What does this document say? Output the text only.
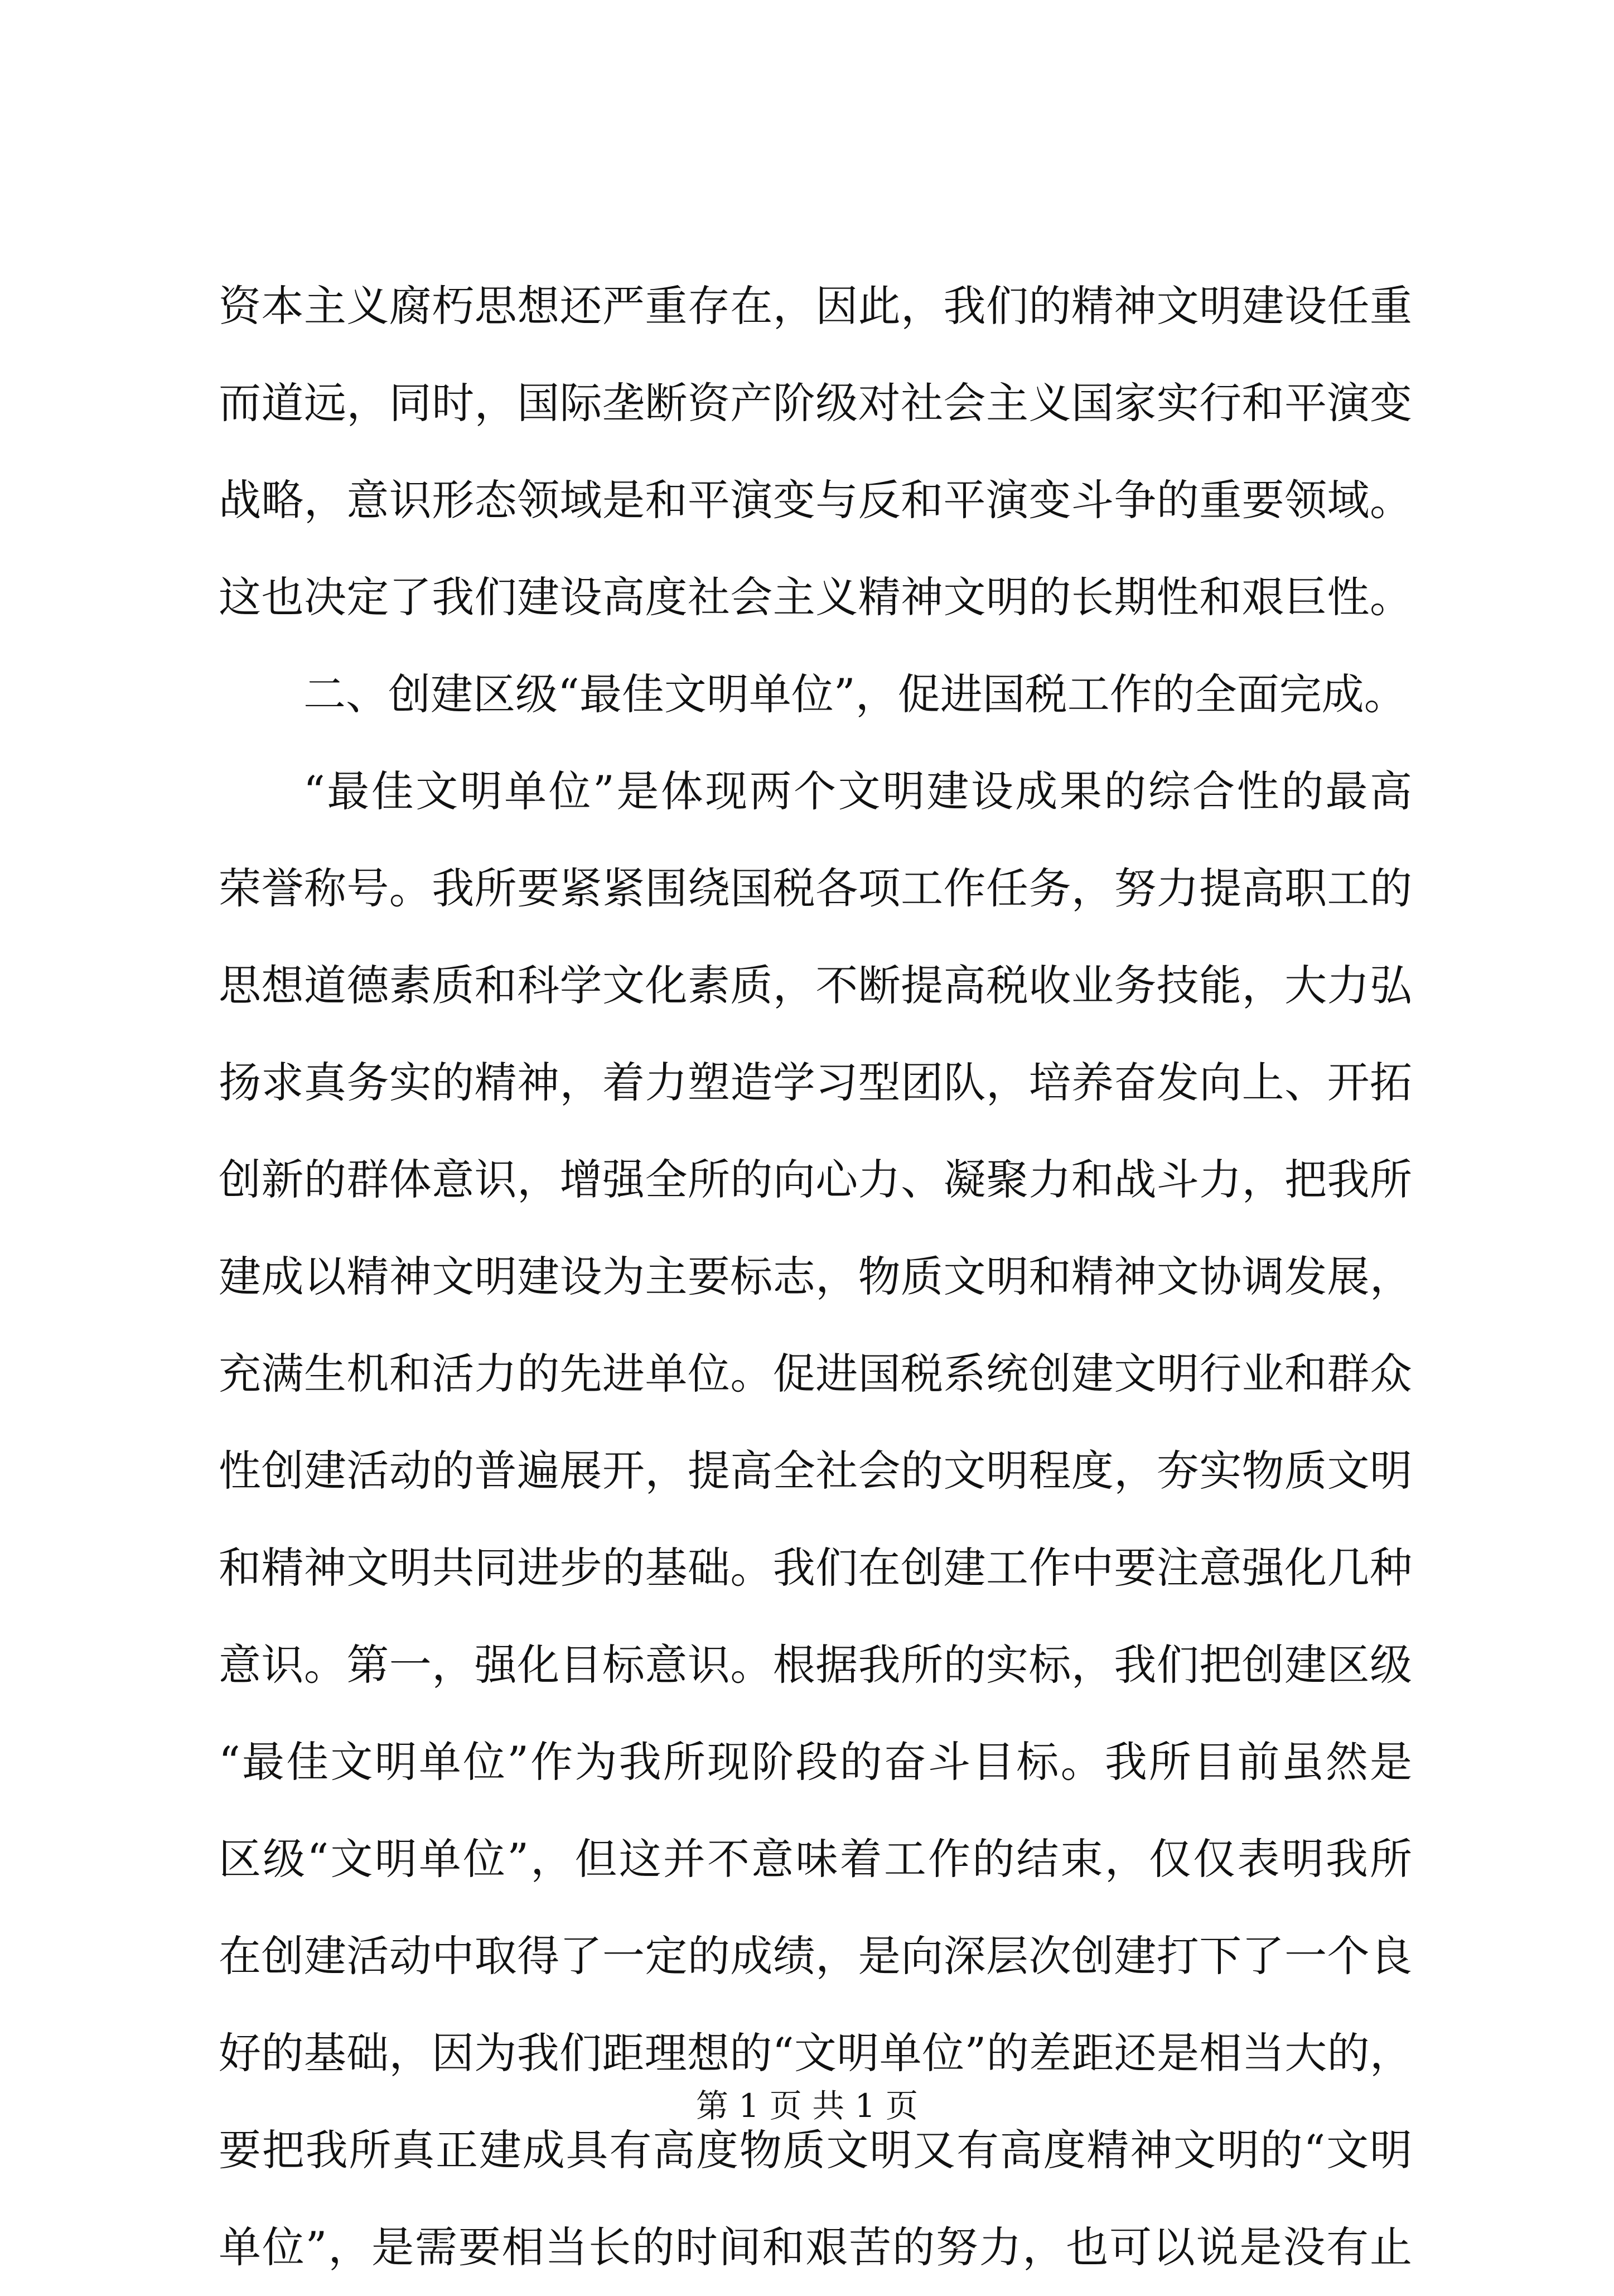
资本主义腐朽思想还严重存在，因此，我们的精神文明建设任重
而道远，同时，国际垄断资产阶级对社会主义国家实行和平演变
战略，意识形态领域是和平演变与反和平演变斗争的重要领域。
这也决定了我们建设高度社会主义精神文明的长期性和艰巨性。
二、创建区级“最佳文明单位”，促进国税工作的全面完成。
“最佳文明单位”是体现两个文明建设成果的综合性的最高
荣誉称号。我所要紧紧围绕国税各项工作任务，努力提高职工的
思想道德素质和科学文化素质，不断提高税收业务技能，大力弘
扬求真务实的精神，着力塑造学习型团队，培养奋发向上、开拓
创新的群体意识，增强全所的向心力、凝聚力和战斗力，把我所
建成以精神文明建设为主要标志，物质文明和精神文协调发展，
充满生机和活力的先进单位。促进国税系统创建文明行业和群众
性创建活动的普遍展开，提高全社会的文明程度，夯实物质文明
和精神文明共同进步的基础。我们在创建工作中要注意强化几种
意识。第一，强化目标意识。根据我所的实标，我们把创建区级
“最佳文明单位”作为我所现阶段的奋斗目标。我所目前虽然是
区级“文明单位”，但这并不意味着工作的结束，仅仅表明我所
在创建活动中取得了一定的成绩，是向深层次创建打下了一个良
好的基础，因为我们距理想的“文明单位”的差距还是相当大的，
要把我所真正建成具有高度物质文明又有高度精神文明的“文明
单位”，是需要相当长的时间和艰苦的努力，也可以说是没有止
第 1 页 共 1 页
